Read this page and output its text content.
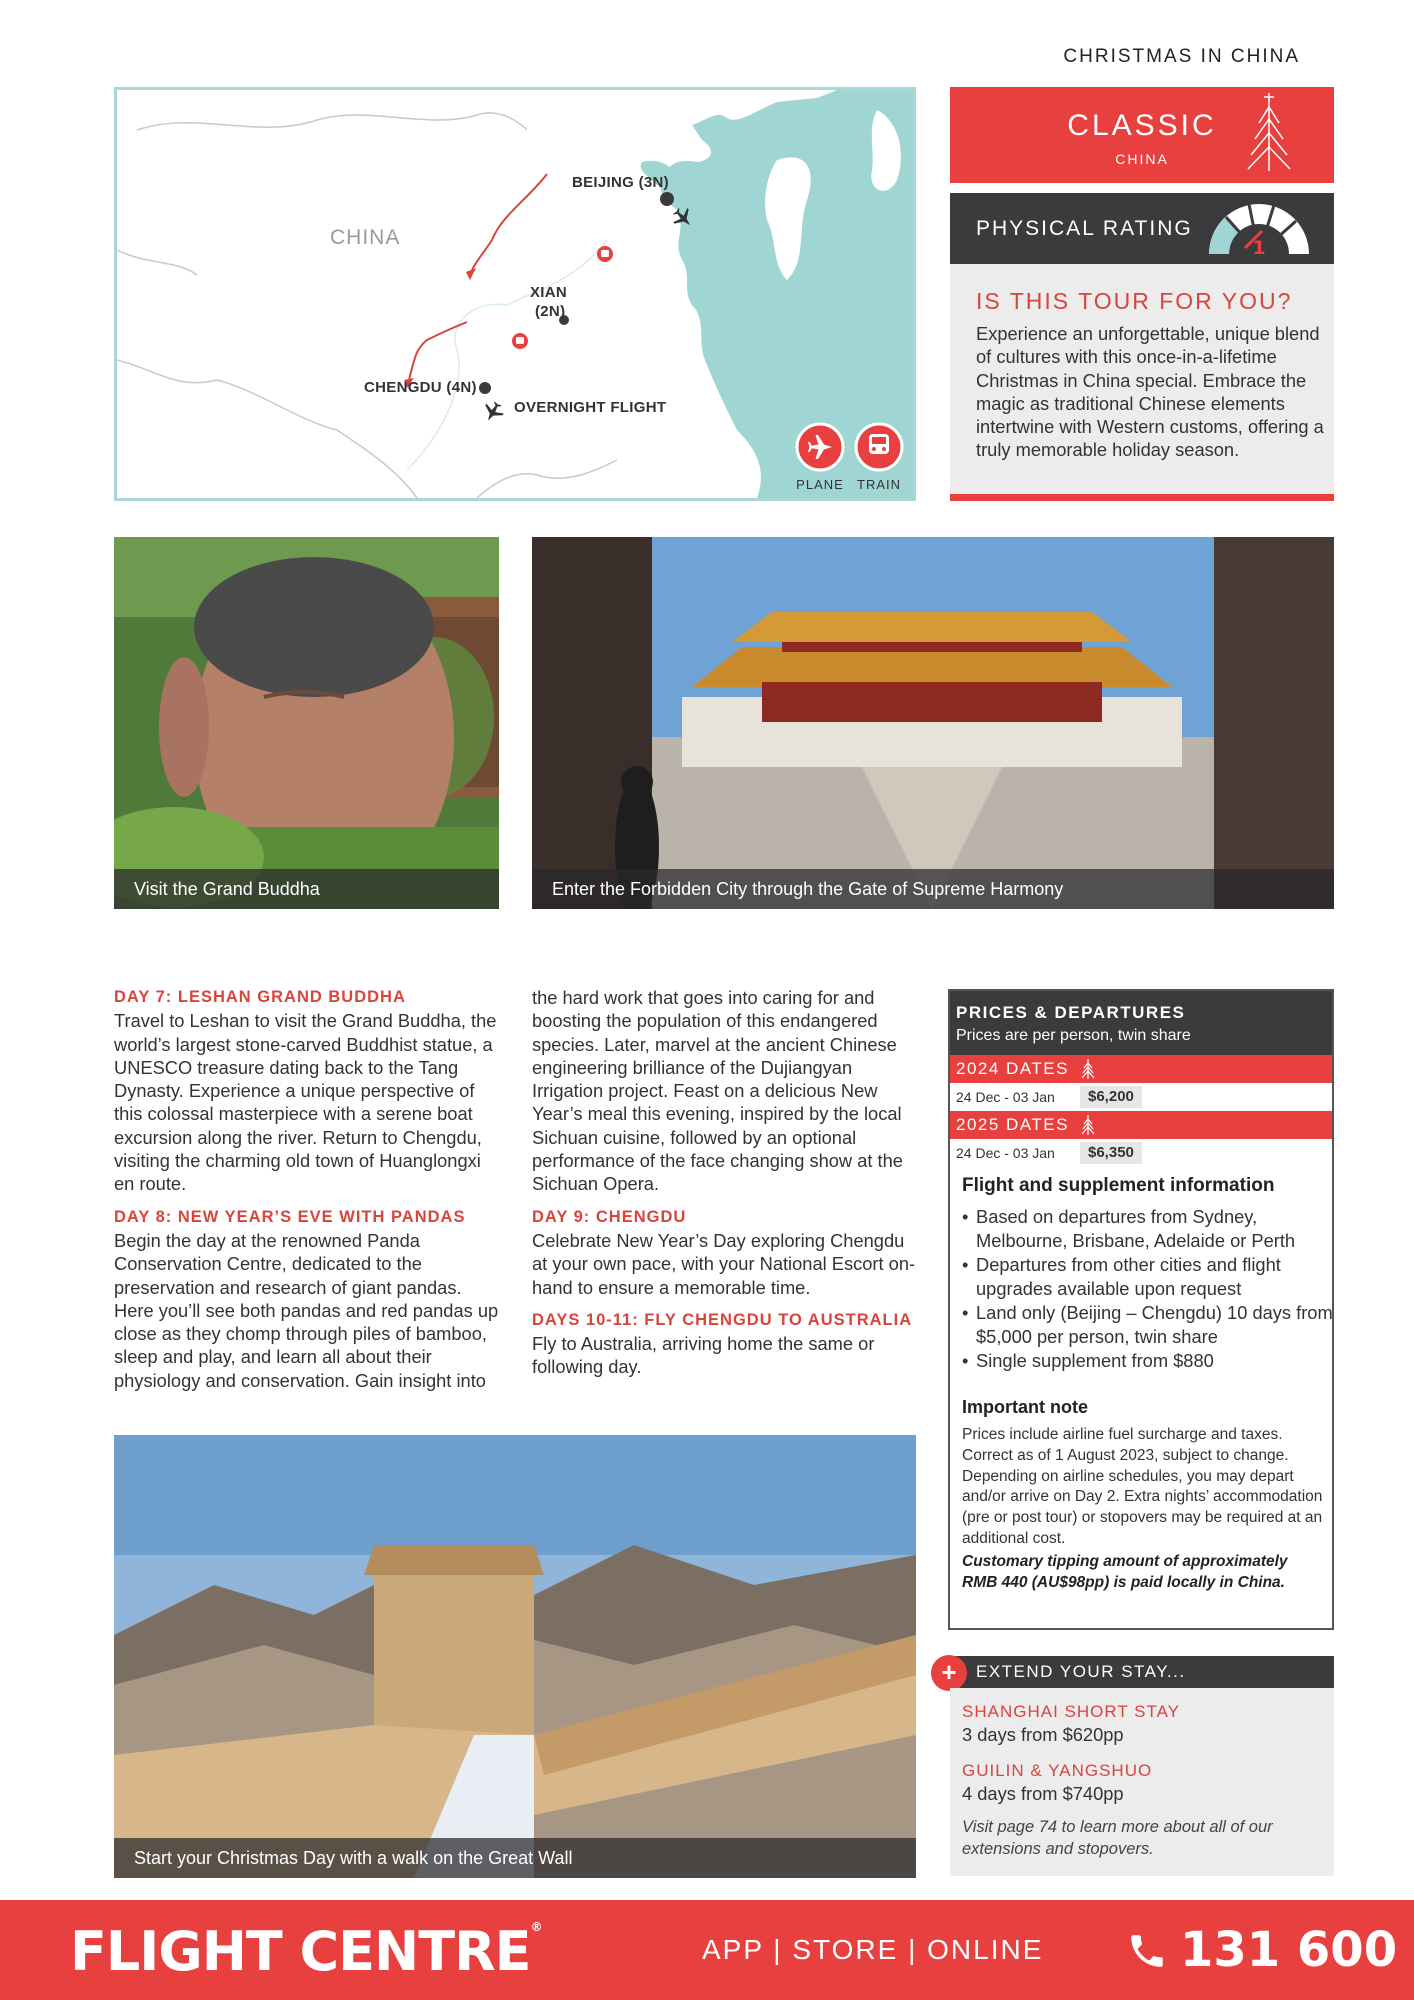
CHRISTMAS IN CHINA
CHINA
BEIJING (3N)
XIAN
(2N)
CHENGDU (4N)
OVERNIGHT FLIGHT
PLANE	TRAIN
CLASSIC
CHINA
PHYSICAL RATING
1
IS THIS TOUR FOR YOU?

Experience an unforgettable, unique blend of cultures with this once-in-a-lifetime Christmas in China special. Embrace the magic as traditional Chinese elements intertwine with Western customs, offering a truly memorable holiday season.

Visit the Grand Buddha	Enter the Forbidden City through the Gate of Supreme Harmony

DAY 7: LESHAN GRAND BUDDHA
Travel to Leshan to visit the Grand Buddha, the world’s largest stone-carved Buddhist statue, a UNESCO treasure dating back to the Tang Dynasty. Experience a unique perspective of this colossal masterpiece with a serene boat excursion along the river. Return to Chengdu, visiting the charming old town of Huanglongxi en route.

DAY 8: NEW YEAR’S EVE WITH PANDAS
Begin the day at the renowned Panda Conservation Centre, dedicated to the preservation and research of giant pandas. Here you’ll see both pandas and red pandas up close as they chomp through piles of bamboo, sleep and play, and learn all about their physiology and conservation. Gain insight into

the hard work that goes into caring for and boosting the population of this endangered species. Later, marvel at the ancient Chinese engineering brilliance of the Dujiangyan Irrigation project. Feast on a delicious New Year’s meal this evening, inspired by the local Sichuan cuisine, followed by an optional performance of the face changing show at the Sichuan Opera.

DAY 9: CHENGDU
Celebrate New Year’s Day exploring Chengdu at your own pace, with your National Escort on-hand to ensure a memorable time.

DAYS 10-11: FLY CHENGDU TO AUSTRALIA
Fly to Australia, arriving home the same or following day.

PRICES & DEPARTURES
Prices are per person, twin share
2024 DATES
24 Dec - 03 Jan	$6,200
2025 DATES
24 Dec - 03 Jan	$6,350
Flight and supplement information
• Based on departures from Sydney, Melbourne, Brisbane, Adelaide or Perth
• Departures from other cities and flight upgrades available upon request
• Land only (Beijing – Chengdu) 10 days from $5,000 per person, twin share
• Single supplement from $880
Important note
Prices include airline fuel surcharge and taxes. Correct as of 1 August 2023, subject to change. Depending on airline schedules, you may depart and/or arrive on Day 2. Extra nights’ accommodation (pre or post tour) or stopovers may be required at an additional cost.
Customary tipping amount of approximately RMB 440 (AU$98pp) is paid locally in China.
Start your Christmas Day with a walk on the Great Wall
EXTEND YOUR STAY...
+
SHANGHAI SHORT STAY
3 days from $620pp
GUILIN & YANGSHUO
4 days from $740pp
Visit page 74 to learn more about all of our extensions and stopovers.
FLIGHT CENTRE®
APP | STORE | ONLINE	131 600
